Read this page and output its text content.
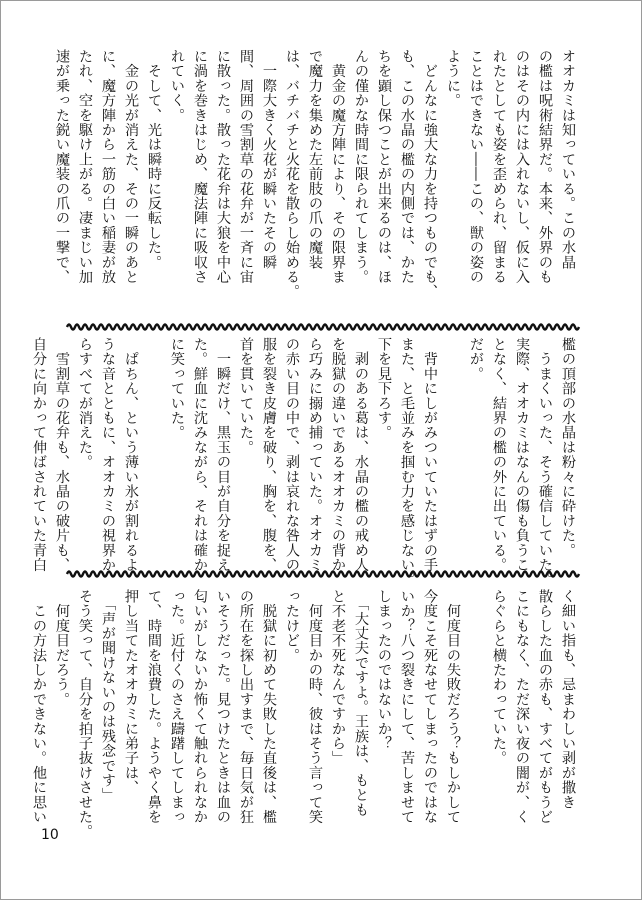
オオカミは知っている。この水晶
の檻は呪術結界だ。本来、外界のも
のはその内には入れないし、仮に入
れたとしても姿を歪められ、留まる
ことはできない――この、獣の姿の
ように。
　どんなに強大な力を持つものでも、
も、この水晶の檻の内側では、かた
ちを顕し保つことが出来るのは、ほ
んの僅かな時間に限られてしまう。
　黄金の魔方陣により、その限界ま
で魔力を集めた左前肢の爪の魔装
は、バチバチと火花を散らし始める。
　一際大きく火花が瞬いたその瞬
間、周囲の雪割草の花弁が一斉に宙
に散った。散った花弁は大狼を中心
に渦を巻きはじめ、魔法陣に吸収さ
れていく。
　そして、光は瞬時に反転した。
　金の光が消えた、その一瞬のあと
に、魔方陣から一筋の白い稲妻が放
たれ、空を駆け上がる。凄まじい加
速が乗った鋭い魔装の爪の一撃で、
檻の頂部の水晶は粉々に砕けた。
　うまくいった、そう確信していた。
実際、オオカミはなんの傷も負うこ
となく、結界の檻の外に出ている。
だが。

　背中にしがみついていたはずの手
また、と毛並みを掴む力を感じない。
下を見下ろす。
　剥のある葛は、水晶の檻の戒め人
を脱獄の違いであるオオカミの背か
ら巧みに搦め捕っていた。オオカミ
の赤い目の中で、剥は哀れな咎人の
服を裂き皮膚を破り、胸を、腹を、
首を貫いていた。
　一瞬だけ、黒玉の目が自分を捉え
た。鮮血に沈みながら、それは確か
に笑っていた。

　ぱちん、という薄い氷が割れるよ
うな音とともに、オオカミの視界か
らすべてが消えた。
　雪割草の花弁も、水晶の破片も、
自分に向かって伸ばされていた青白
く細い指も、忌まわしい剥が撒き
散らした血の赤も、すべてがもうど
こにもなく、ただ深い夜の闇が、く
らぐらと横たわっていた。

　何度目の失敗だろう？もしかして
今度こそ死なせてしまったのではな
いか？八つ裂きにして、苦しませて
しまったのではないか？
　「大丈夫ですよ。王族は、もとも
と不老不死なんですから」
　何度目かの時、彼はそう言って笑
ったけど。
　脱獄に初めて失敗した直後は、檻
の所在を探し出すまで、毎日気が狂
いそうだった。見つけたときは血の
匂いがしないか怖くて触れられなか
った。近付くのさえ躊躇してしまっ
て、時間を浪費した。ようやく鼻を
押し当てたオオカミに弟子は、
　「声が聞けないのは残念です」
そう笑って、自分を拍子抜けさせた。
　何度目だろう。
　この方法しかできない。他に思い
10
